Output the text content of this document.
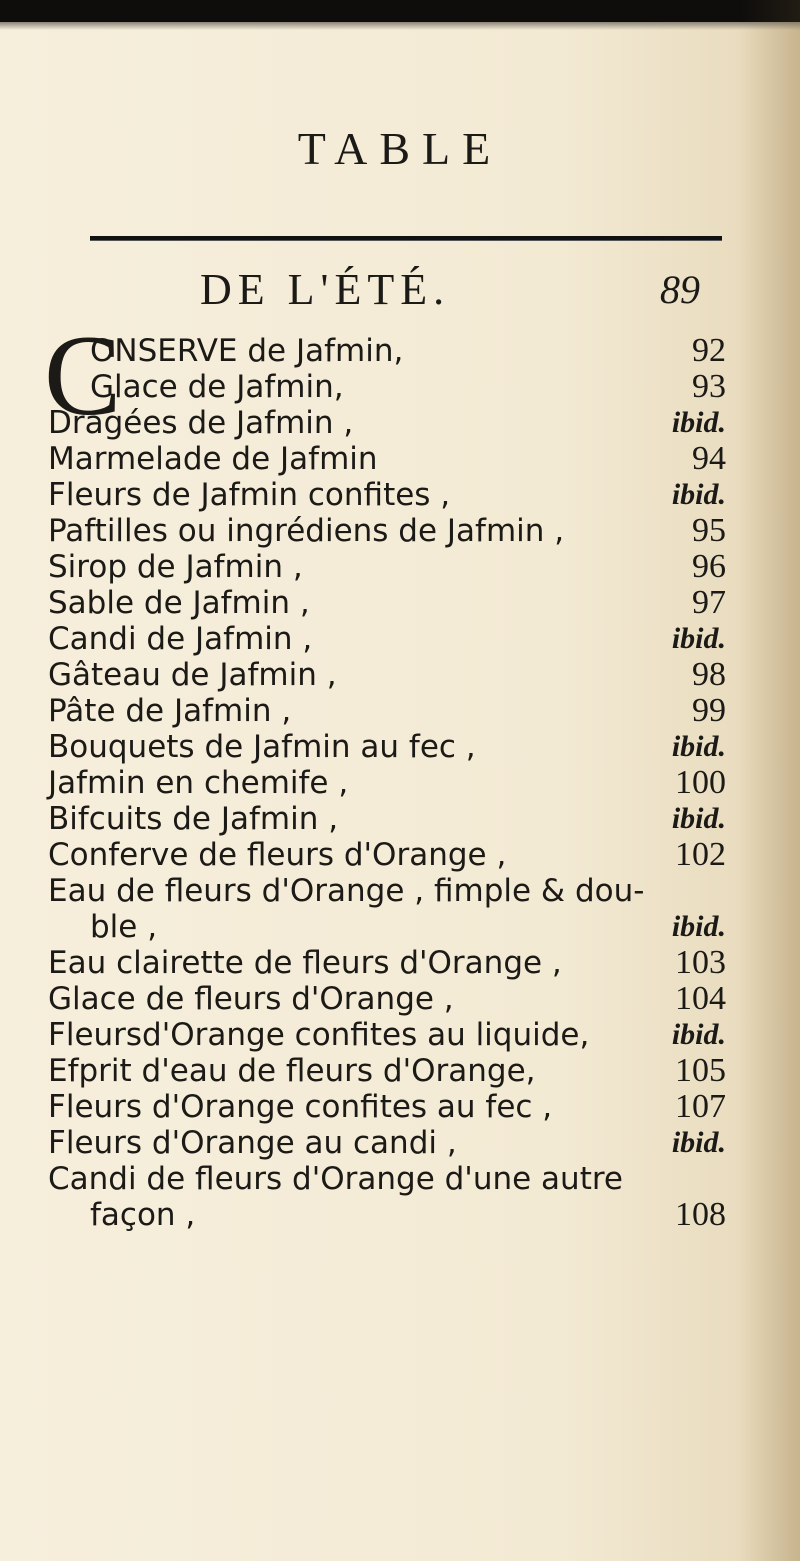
TABLE
DE L'ÉTÉ.	89
C
ONSERVE de Jafmin,	92
Glace de Jafmin,	93
Dragées de Jafmin ,	ibid.
Marmelade de Jafmin	94
Fleurs de Jafmin confites ,	ibid.
Paftilles ou ingrédiens de Jafmin ,	95
Sirop de Jafmin ,	96
Sable de Jafmin ,	97
Candi de Jafmin ,	ibid.
Gâteau de Jafmin ,	98
Pâte de Jafmin ,	99
Bouquets de Jafmin au fec ,	ibid.
Jafmin en chemife ,	100
Bifcuits de Jafmin ,	ibid.
Conferve de fleurs d'Orange ,	102
Eau de fleurs d'Orange , fimple & dou-
ble ,	ibid.
Eau clairette de fleurs d'Orange ,	103
Glace de fleurs d'Orange ,	104
Fleursd'Orange confites au liquide,	ibid.
Efprit d'eau de fleurs d'Orange,	105
Fleurs d'Orange confites au fec ,	107
Fleurs d'Orange au candi ,	ibid.
Candi de fleurs d'Orange d'une autre
façon ,	108
